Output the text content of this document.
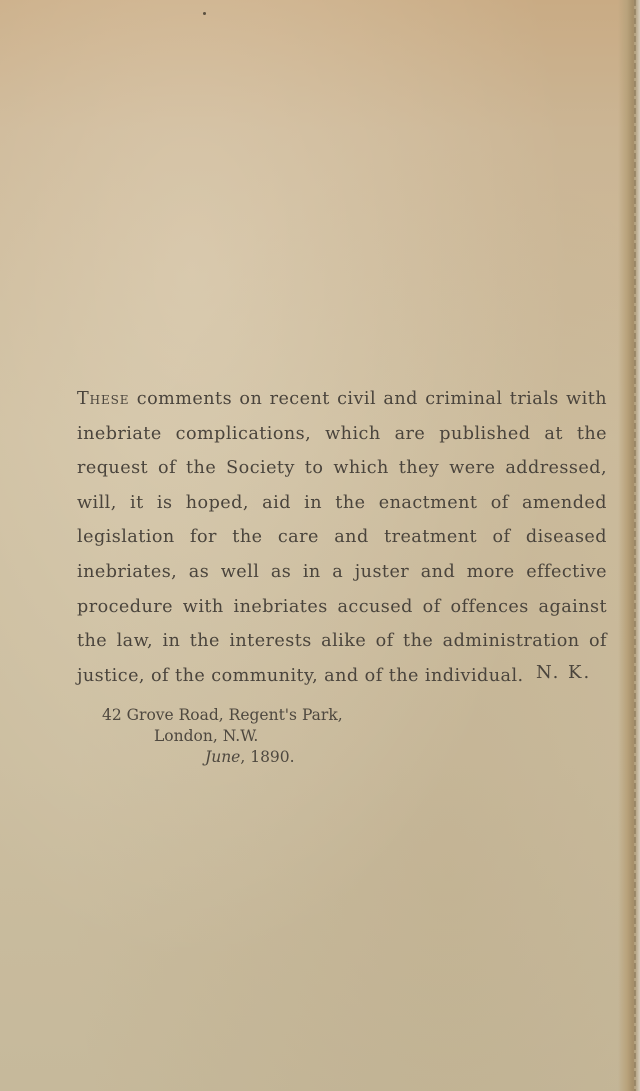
These comments on recent civil and criminal trials with inebriate complications, which are published at the request of the Society to which they were addressed, will, it is hoped, aid in the enactment of amended legislation for the care and treatment of diseased inebriates, as well as in a juster and more effective procedure with inebriates accused of offences against the law, in the interests alike of the administration of justice, of the community, and of the individual. N. K.
42 Grove Road, Regent's Park,
London, N.W.
June, 1890.
